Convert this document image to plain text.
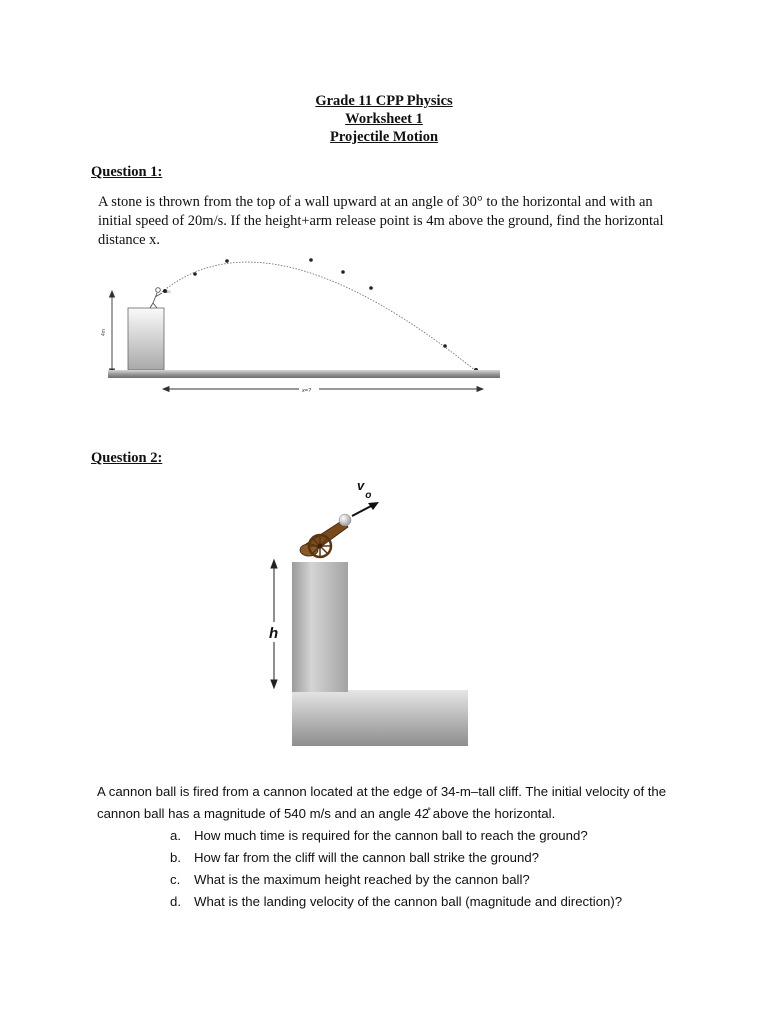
Grade 11 CPP Physics
Worksheet 1
Projectile Motion
Question 1:

A stone is thrown from the top of a wall upward at an angle of 30° to the horizontal and with an initial speed of 20m/s. If the height+arm release point is 4m above the ground, find the horizontal distance x.

30
4m
x=?
Question 2:
h
$v_o$

A cannon ball is fired from a cannon located at the edge of 34-m–tall cliff. The initial velocity of the cannon ball has a magnitude of 540 m/s and an angle 42̊ above the horizontal.

a. How much time is required for the cannon ball to reach the ground?
b. How far from the cliff will the cannon ball strike the ground?
c. What is the maximum height reached by the cannon ball?
d. What is the landing velocity of the cannon ball (magnitude and direction)?
